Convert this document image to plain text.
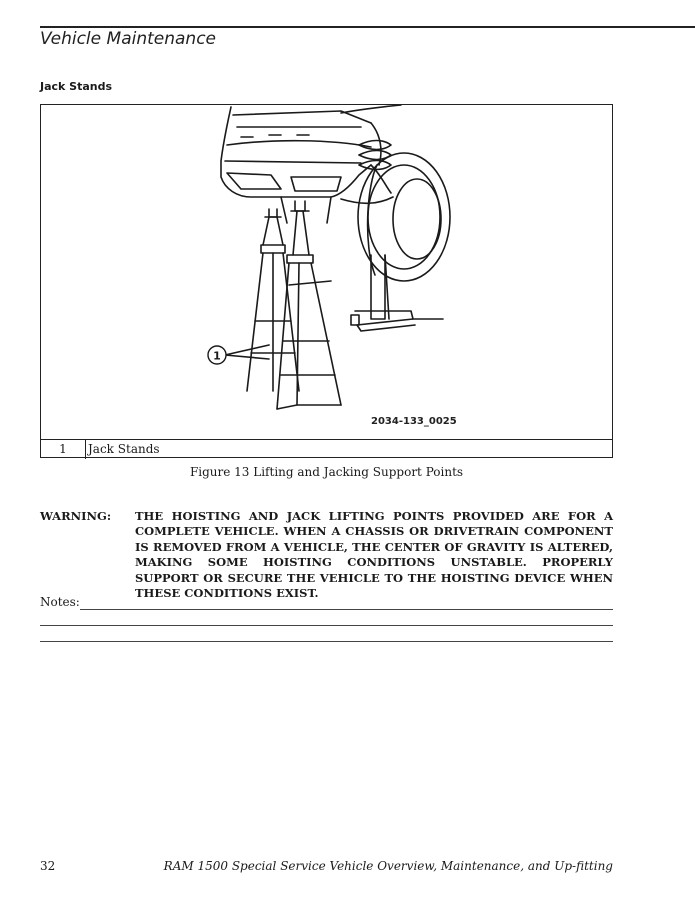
Vehicle Maintenance
Jack Stands
1
2034-133_0025
1	Jack Stands
Figure 13 Lifting and Jacking Support Points
WARNING: THE HOISTING AND JACK LIFTING POINTS PROVIDED ARE FOR A COMPLETE VEHICLE. WHEN A CHASSIS OR DRIVETRAIN COMPONENT IS REMOVED FROM A VEHICLE, THE CENTER OF GRAVITY IS ALTERED, MAKING SOME HOISTING CONDITIONS UNSTABLE. PROPERLY SUPPORT OR SECURE THE VEHICLE TO THE HOISTING DEVICE WHEN THESE CONDITIONS EXIST.
Notes:
32	RAM 1500 Special Service Vehicle Overview, Maintenance, and Up-fitting
